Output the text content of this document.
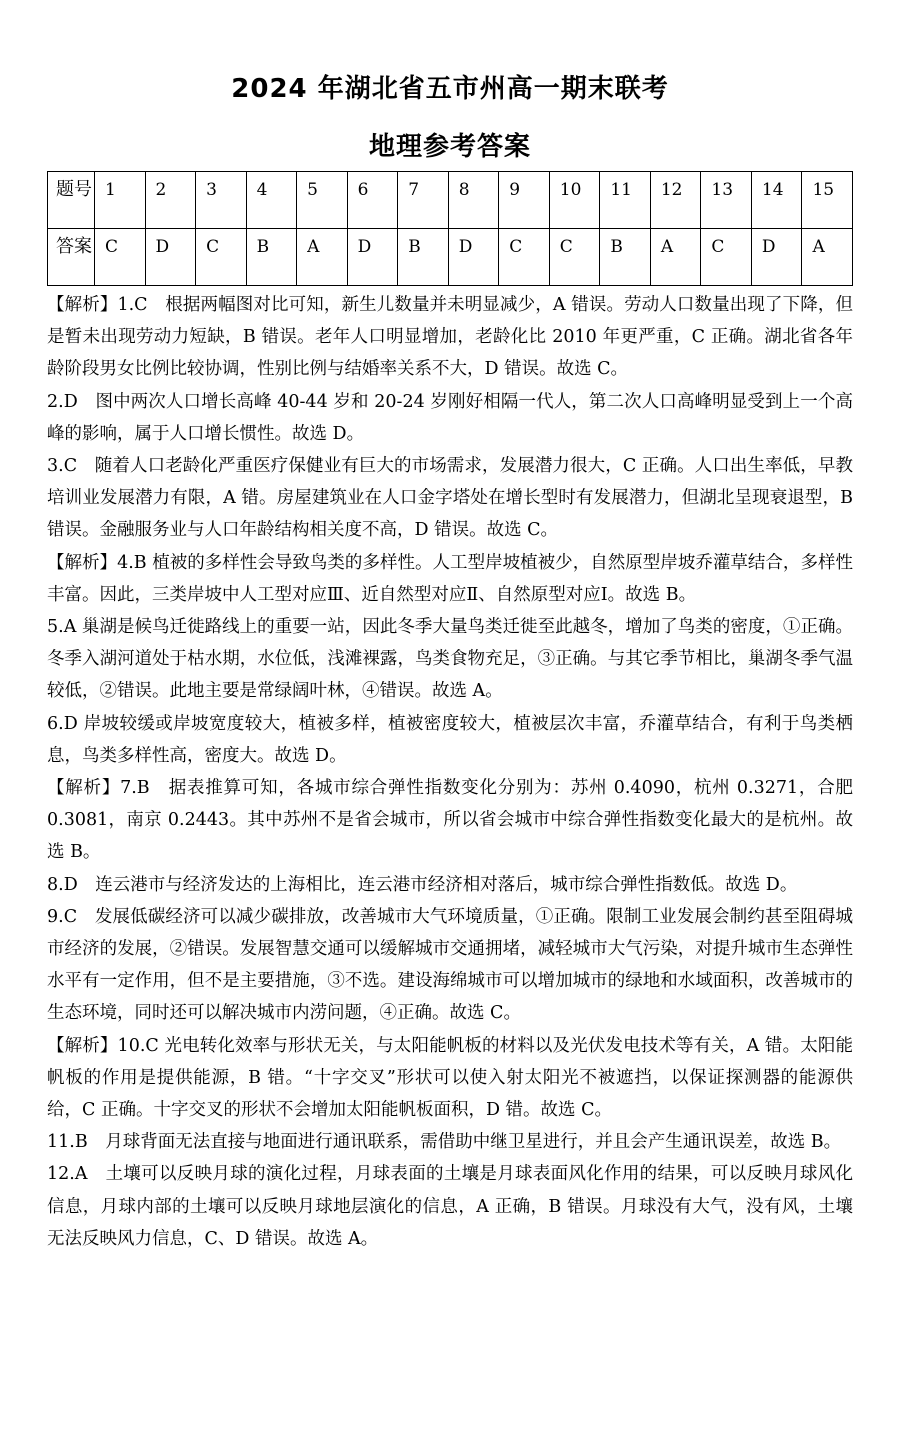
2024 年湖北省五市州高一期末联考
地理参考答案
题号	1	2	3	4	5	6	7	8	9	10	11	12	13	14	15
答案	C	D	C	B	A	D	B	D	C	C	B	A	C	D	A

【解析】1.C　根据两幅图对比可知，新生儿数量并未明显减少，A 错误。劳动人口数量出现了下降，但是暂未出现劳动力短缺，B 错误。老年人口明显增加，老龄化比 2010 年更严重，C 正确。湖北省各年龄阶段男女比例比较协调，性别比例与结婚率关系不大，D 错误。故选 C。

2.D　图中两次人口增长高峰 40-44 岁和 20-24 岁刚好相隔一代人，第二次人口高峰明显受到上一个高峰的影响，属于人口增长惯性。故选 D。

3.C　随着人口老龄化严重医疗保健业有巨大的市场需求，发展潜力很大，C 正确。人口出生率低，早教培训业发展潜力有限，A 错。房屋建筑业在人口金字塔处在增长型时有发展潜力，但湖北呈现衰退型，B 错误。金融服务业与人口年龄结构相关度不高，D 错误。故选 C。

【解析】4.B 植被的多样性会导致鸟类的多样性。人工型岸坡植被少，自然原型岸坡乔灌草结合，多样性丰富。因此，三类岸坡中人工型对应Ⅲ、近自然型对应Ⅱ、自然原型对应Ⅰ。故选 B。

5.A 巢湖是候鸟迁徙路线上的重要一站，因此冬季大量鸟类迁徙至此越冬，增加了鸟类的密度，①正确。冬季入湖河道处于枯水期，水位低，浅滩裸露，鸟类食物充足，③正确。与其它季节相比，巢湖冬季气温较低，②错误。此地主要是常绿阔叶林，④错误。故选 A。

6.D 岸坡较缓或岸坡宽度较大，植被多样，植被密度较大，植被层次丰富，乔灌草结合，有利于鸟类栖息，鸟类多样性高，密度大。故选 D。

【解析】7.B　据表推算可知，各城市综合弹性指数变化分别为：苏州 0.4090，杭州 0.3271，合肥 0.3081，南京 0.2443。其中苏州不是省会城市，所以省会城市中综合弹性指数变化最大的是杭州。故选 B。

8.D　连云港市与经济发达的上海相比，连云港市经济相对落后，城市综合弹性指数低。故选 D。

9.C　发展低碳经济可以减少碳排放，改善城市大气环境质量，①正确。限制工业发展会制约甚至阻碍城市经济的发展，②错误。发展智慧交通可以缓解城市交通拥堵，减轻城市大气污染，对提升城市生态弹性水平有一定作用，但不是主要措施，③不选。建设海绵城市可以增加城市的绿地和水域面积，改善城市的生态环境，同时还可以解决城市内涝问题，④正确。故选 C。

【解析】10.C 光电转化效率与形状无关，与太阳能帆板的材料以及光伏发电技术等有关，A 错。太阳能帆板的作用是提供能源，B 错。“十字交叉”形状可以使入射太阳光不被遮挡，以保证探测器的能源供给，C 正确。十字交叉的形状不会增加太阳能帆板面积，D 错。故选 C。

11.B　月球背面无法直接与地面进行通讯联系，需借助中继卫星进行，并且会产生通讯误差，故选 B。

12.A　土壤可以反映月球的演化过程，月球表面的土壤是月球表面风化作用的结果，可以反映月球风化信息，月球内部的土壤可以反映月球地层演化的信息，A 正确，B 错误。月球没有大气，没有风，土壤无法反映风力信息，C、D 错误。故选 A。
